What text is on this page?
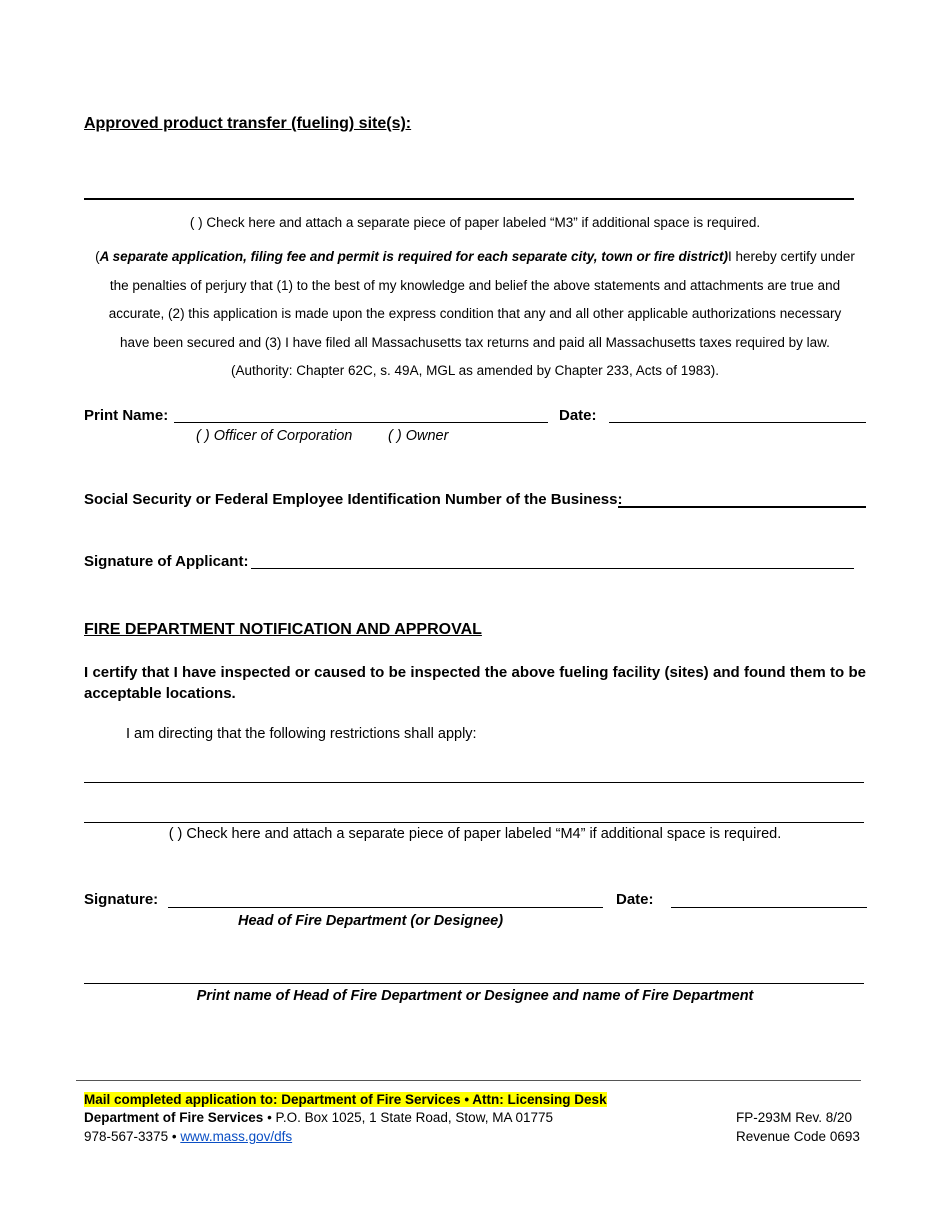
Approved product transfer (fueling) site(s):
( ) Check here and attach a separate piece of paper labeled “M3” if additional space is required.
(A separate application, filing fee and permit is required for each separate city, town or fire district)I hereby certify under
the penalties of perjury that (1) to the best of my knowledge and belief the above statements and attachments are true and
accurate, (2) this application is made upon the express condition that any and all other applicable authorizations necessary
have been secured and (3) I have filed all Massachusetts tax returns and paid all Massachusetts taxes required by law.
(Authority: Chapter 62C, s. 49A, MGL as amended by Chapter 233, Acts of 1983).
Print Name:	Date:
( ) Officer of Corporation ( ) Owner
Social Security or Federal Employee Identification Number of the Business:
Signature of Applicant:
FIRE DEPARTMENT NOTIFICATION AND APPROVAL
I certify that I have inspected or caused to be inspected the above fueling facility (sites) and found them to be acceptable locations.
I am directing that the following restrictions shall apply:
( ) Check here and attach a separate piece of paper labeled “M4” if additional space is required.
Signature:	Date:
Head of Fire Department (or Designee)
Print name of Head of Fire Department or Designee and name of Fire Department
Mail completed application to: Department of Fire Services • Attn: Licensing Desk
Department of Fire Services • P.O. Box 1025, 1 State Road, Stow, MA 01775
978-567-3375 • www.mass.gov/dfs
FP-293M Rev. 8/20
Revenue Code 0693
